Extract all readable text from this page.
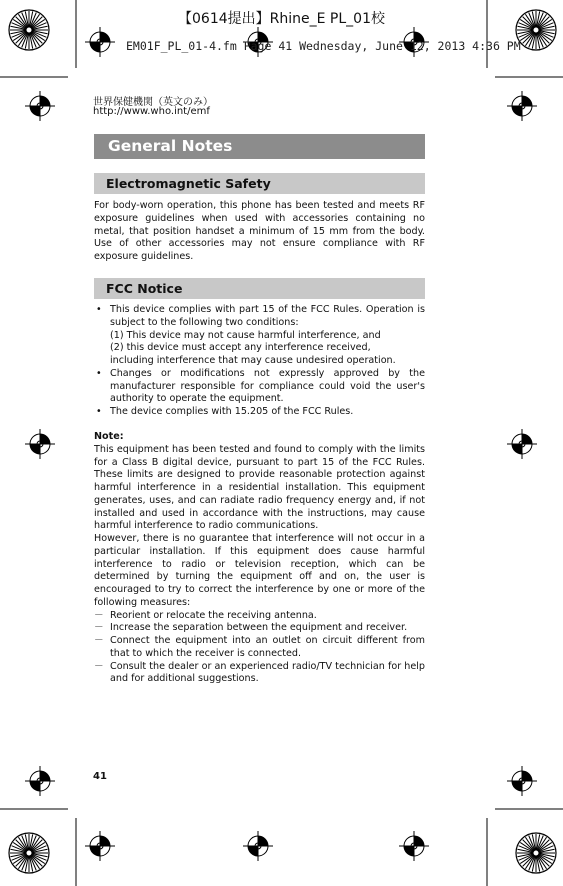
【0614提出】Rhine_E PL_01校
EM01F_PL_01-4.fm Page 41 Wednesday, June 12, 2013 4:36 PM
世界保健機関（英文のみ）
http://www.who.int/emf
General Notes
Electromagnetic Safety
For body-worn operation, this phone has been tested and meets RF exposure guidelines when used with accessories containing no metal, that position handset a minimum of 15 mm from the body. Use of other accessories may not ensure compliance with RF exposure guidelines.
FCC Notice
• This device complies with part 15 of the FCC Rules. Operation is subject to the following two conditions:
(1) This device may not cause harmful interference, and
(2) this device must accept any interference received,
including interference that may cause undesired operation.
• Changes or modifications not expressly approved by the manufacturer responsible for compliance could void the user's authority to operate the equipment.
• The device complies with 15.205 of the FCC Rules.
Note:
This equipment has been tested and found to comply with the limits for a Class B digital device, pursuant to part 15 of the FCC Rules. These limits are designed to provide reasonable protection against harmful interference in a residential installation. This equipment generates, uses, and can radiate radio frequency energy and, if not installed and used in accordance with the instructions, may cause harmful interference to radio communications.
However, there is no guarantee that interference will not occur in a particular installation. If this equipment does cause harmful interference to radio or television reception, which can be determined by turning the equipment off and on, the user is encouraged to try to correct the interference by one or more of the following measures:
－ Reorient or relocate the receiving antenna.
－ Increase the separation between the equipment and receiver.
－ Connect the equipment into an outlet on circuit different from that to which the receiver is connected.
－ Consult the dealer or an experienced radio/TV technician for help and for additional suggestions.
41
